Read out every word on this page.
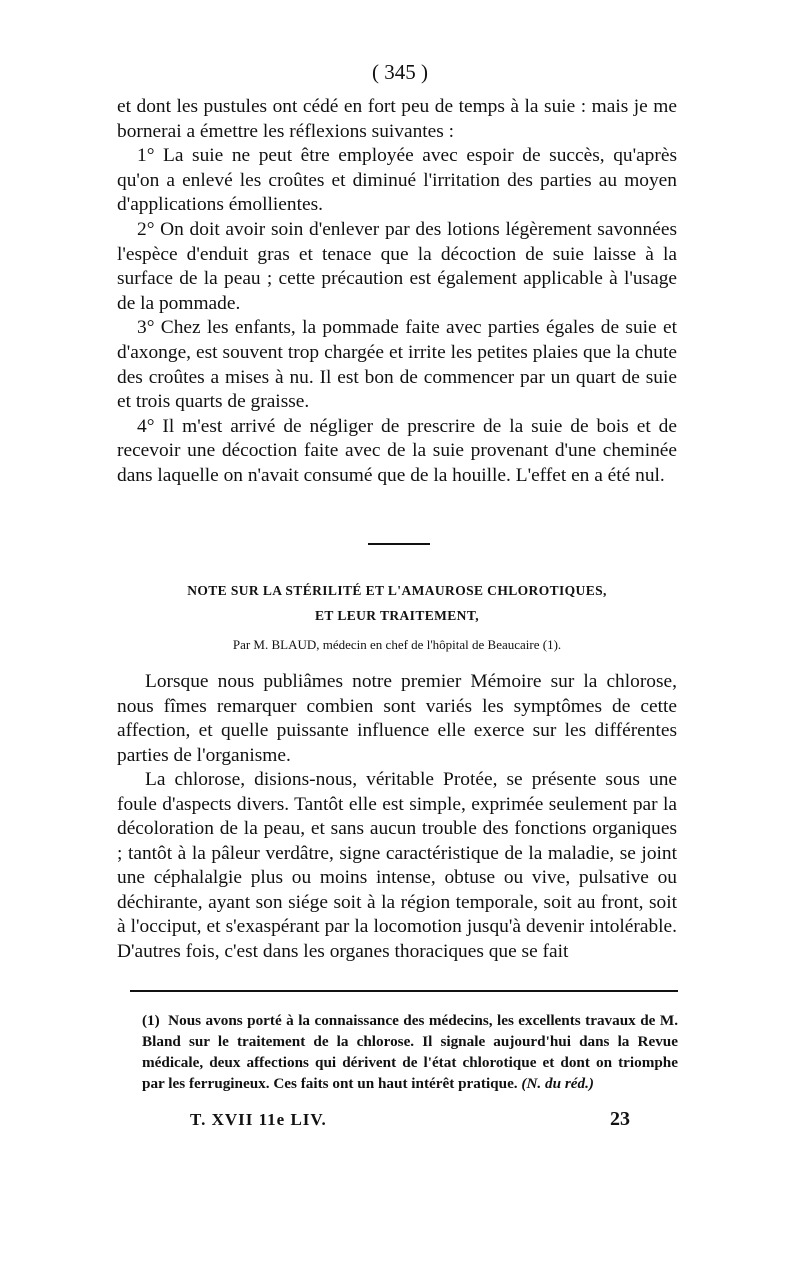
( 345 )

et dont les pustules ont cédé en fort peu de temps à la suie : mais je me bornerai a émettre les réflexions suivantes :

1° La suie ne peut être employée avec espoir de succès, qu'après qu'on a enlevé les croûtes et diminué l'irritation des parties au moyen d'applications émollientes.

2° On doit avoir soin d'enlever par des lotions légèrement savonnées l'espèce d'enduit gras et tenace que la décoction de suie laisse à la surface de la peau ; cette précaution est également applicable à l'usage de la pommade.

3° Chez les enfants, la pommade faite avec parties égales de suie et d'axonge, est souvent trop chargée et irrite les petites plaies que la chute des croûtes a mises à nu. Il est bon de commencer par un quart de suie et trois quarts de graisse.

4° Il m'est arrivé de négliger de prescrire de la suie de bois et de recevoir une décoction faite avec de la suie provenant d'une cheminée dans laquelle on n'avait consumé que de la houille. L'effet en a été nul.

NOTE SUR LA STÉRILITÉ ET L'AMAUROSE CHLOROTIQUES,
ET LEUR TRAITEMENT,
Par M. BLAUD, médecin en chef de l'hôpital de Beaucaire (1).

Lorsque nous publiâmes notre premier Mémoire sur la chlorose, nous fîmes remarquer combien sont variés les symptômes de cette affection, et quelle puissante influence elle exerce sur les différentes parties de l'organisme.

La chlorose, disions-nous, véritable Protée, se présente sous une foule d'aspects divers. Tantôt elle est simple, exprimée seulement par la décoloration de la peau, et sans aucun trouble des fonctions organiques ; tantôt à la pâleur verdâtre, signe caractéristique de la maladie, se joint une céphalalgie plus ou moins intense, obtuse ou vive, pulsative ou déchirante, ayant son siége soit à la région temporale, soit au front, soit à l'occiput, et s'exaspérant par la locomotion jusqu'à devenir intolérable. D'autres fois, c'est dans les organes thoraciques que se fait

(1) Nous avons porté à la connaissance des médecins, les excellents travaux de M. Bland sur le traitement de la chlorose. Il signale aujourd'hui dans la Revue médicale, deux affections qui dérivent de l'état chlorotique et dont on triomphe par les ferrugineux. Ces faits ont un haut intérêt pratique. (N. du réd.)
T. XVII 11e LIV.	23
